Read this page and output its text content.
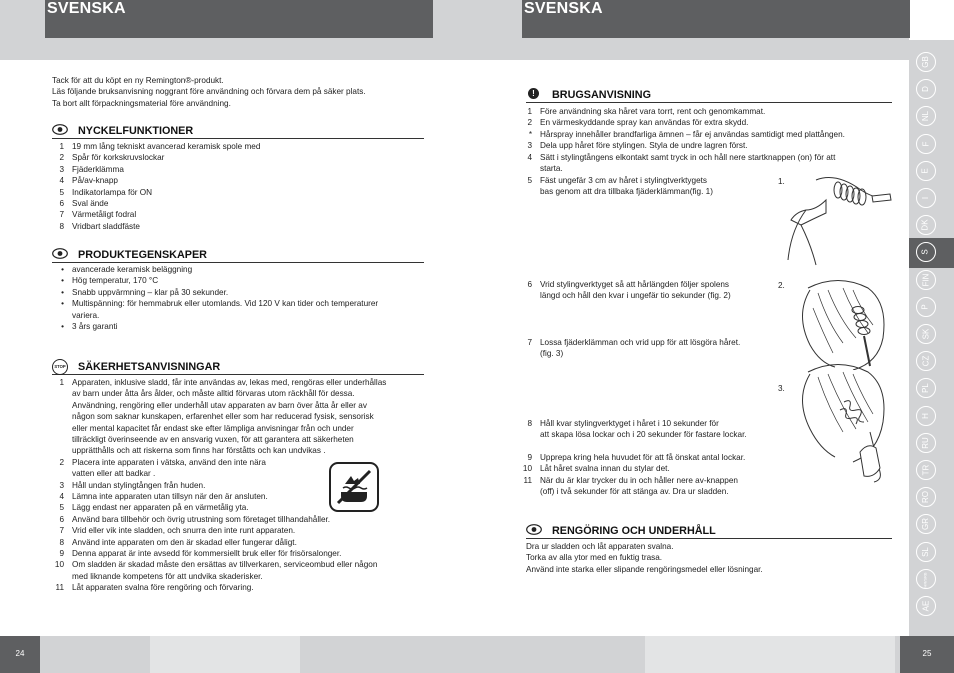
SVENSKA
Tack för att du köpt en ny Remington®-produkt.
Läs följande bruksanvisning noggrant före användning och förvara dem på säker plats.
Ta bort allt förpackningsmaterial före användning.
NYCKELFUNKTIONER
1 19 mm lång tekniskt avancerad keramisk spole med
2 Spår för korkskruvslockar
3 Fjäderklämma
4 På/av-knapp
5 Indikatorlampa för ON
6 Sval ände
7 Värmetåligt fodral
8 Vridbart sladdfäste
PRODUKTEGENSKAPER
• avancerade keramisk beläggning
• Hög temperatur, 170 °C
• Snabb uppvärmning – klar på 30 sekunder.
• Multispänning: för hemmabruk eller utomlands. Vid 120 V kan tider och temperaturer
variera.
• 3 års garanti
STOP SÄKERHETSANVISNINGAR
1 Apparaten, inklusive sladd, får inte användas av, lekas med, rengöras eller underhållas
av barn under åtta års ålder, och måste alltid förvaras utom räckhåll för dessa.
Användning, rengöring eller underhåll utav apparaten av barn över åtta år eller av
någon som saknar kunskapen, erfarenhet eller som har reducerad fysisk, sensorisk
eller mental kapacitet får endast ske efter lämpliga anvisningar från och under
tillräckligt överinseende av en ansvarig vuxen, för att garantera att säkerheten
upprätthålls och att riskerna som finns har förståtts och kan undvikas .
2 Placera inte apparaten i vätska, använd den inte nära
vatten eller att badkar .
3 Håll undan stylingtången från huden.
4 Lämna inte apparaten utan tillsyn när den är ansluten.
5 Lägg endast ner apparaten på en värmetålig yta.
6 Använd bara tillbehör och övrig utrustning som företaget tillhandahåller.
7 Vrid eller vik inte sladden, och snurra den inte runt apparaten.
8 Använd inte apparaten om den är skadad eller fungerar dåligt.
9 Denna apparat är inte avsedd för kommersiellt bruk eller för frisörsalonger.
10 Om sladden är skadad måste den ersättas av tillverkaren, serviceombud eller någon
med liknande kompetens för att undvika skaderisker.
11 Låt apparaten svalna före rengöring och förvaring.
24
SVENSKA
!	BRUGSANVISNING
1 Före användning ska håret vara torrt, rent och genomkammat.
2 En värmeskyddande spray kan användas för extra skydd.
* Hårspray innehåller brandfarliga ämnen – får ej användas samtidigt med plattången.
3 Dela upp håret före stylingen. Styla de undre lagren först.
4 Sätt i stylingtångens elkontakt samt tryck in och håll nere startknappen (on) för att
starta.
5 Fäst ungefär 3 cm av håret i stylingtverktygets
bas genom att dra tillbaka fjäderklämman(fig. 1)
6 Vrid stylingverktyget så att hårlängden följer spolens
längd och håll den kvar i ungefär tio sekunder (fig. 2)
7 Lossa fjäderklämman och vrid upp för att lösgöra håret.
(fig. 3)
8 Håll kvar stylingverktyget i håret i 10 sekunder för
att skapa lösa lockar och i 20 sekunder för fastare lockar.
9 Upprepa kring hela huvudet för att få önskat antal lockar.
10 Låt håret svalna innan du stylar det.
11 När du är klar trycker du in och håller nere av-knappen
(off) i två sekunder för att stänga av. Dra ur sladden.
1.
2.
3.
RENGÖRING OCH UNDERHÅLL
Dra ur sladden och låt apparaten svalna.
Torka av alla ytor med en fuktig trasa.
Använd inte starka eller slipande rengöringsmedel eller lösningar.
GB
D
NL
F
E
I
DK
S
FIN
P
SK
CZ
PL
H
RU
TR
RO
GR
SL
HR/SRB
AE
25
